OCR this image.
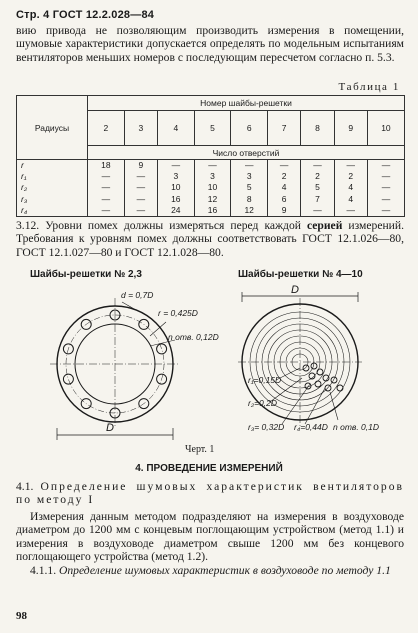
Стр. 4 ГОСТ 12.2.028—84
вию привода не позволяющим производить измерения в помещении, шумовые характеристики допускается определять по модельным испытаниям вентиляторов меньших номеров с последующим пересчетом согласно п. 5.3.
Таблица 1
Радиусы	Номер шайбы-решетки								
	2	3	4	5	6	7	8	9	10
	Число отверстий								
r	18	9	—	—	—	—	—	—	—
r₁	—	—	3	3	3	2	2	2	—
r₂	—	—	10	10	5	4	5	4	—
r₃	—	—	16	12	8	6	7	4	—
r₄	—	—	24	16	12	9	—	—	—
3.12. Уровни помех должны измеряться перед каждой серией измерений. Требования к уровням помех должны соответствовать ГОСТ 12.1.026—80, ГОСТ 12.1.027—80 и ГОСТ 12.1.028—80.
Шайбы-решетки № 2,3	Шайбы-решетки № 4—10
d = 0,7D
r = 0,425D
n отв. 0,12D
D
D
r₁=0,15D
r₂=0,2D
r₃= 0,32D r₄=0,44D n отв. 0,1D
Черт. 1
4. ПРОВЕДЕНИЕ ИЗМЕРЕНИЙ
4.1. Определение шумовых характеристик вентиляторов по методу I
Измерения данным методом подразделяют на измерения в воздуховоде диаметром до 1200 мм с концевым поглощающим устройством (метод 1.1) и измерения в воздуховоде диаметром свыше 1200 мм без концевого поглощающего устройства (метод 1.2).
4.1.1. Определение шумовых характеристик в воздуховоде по методу 1.1
98
